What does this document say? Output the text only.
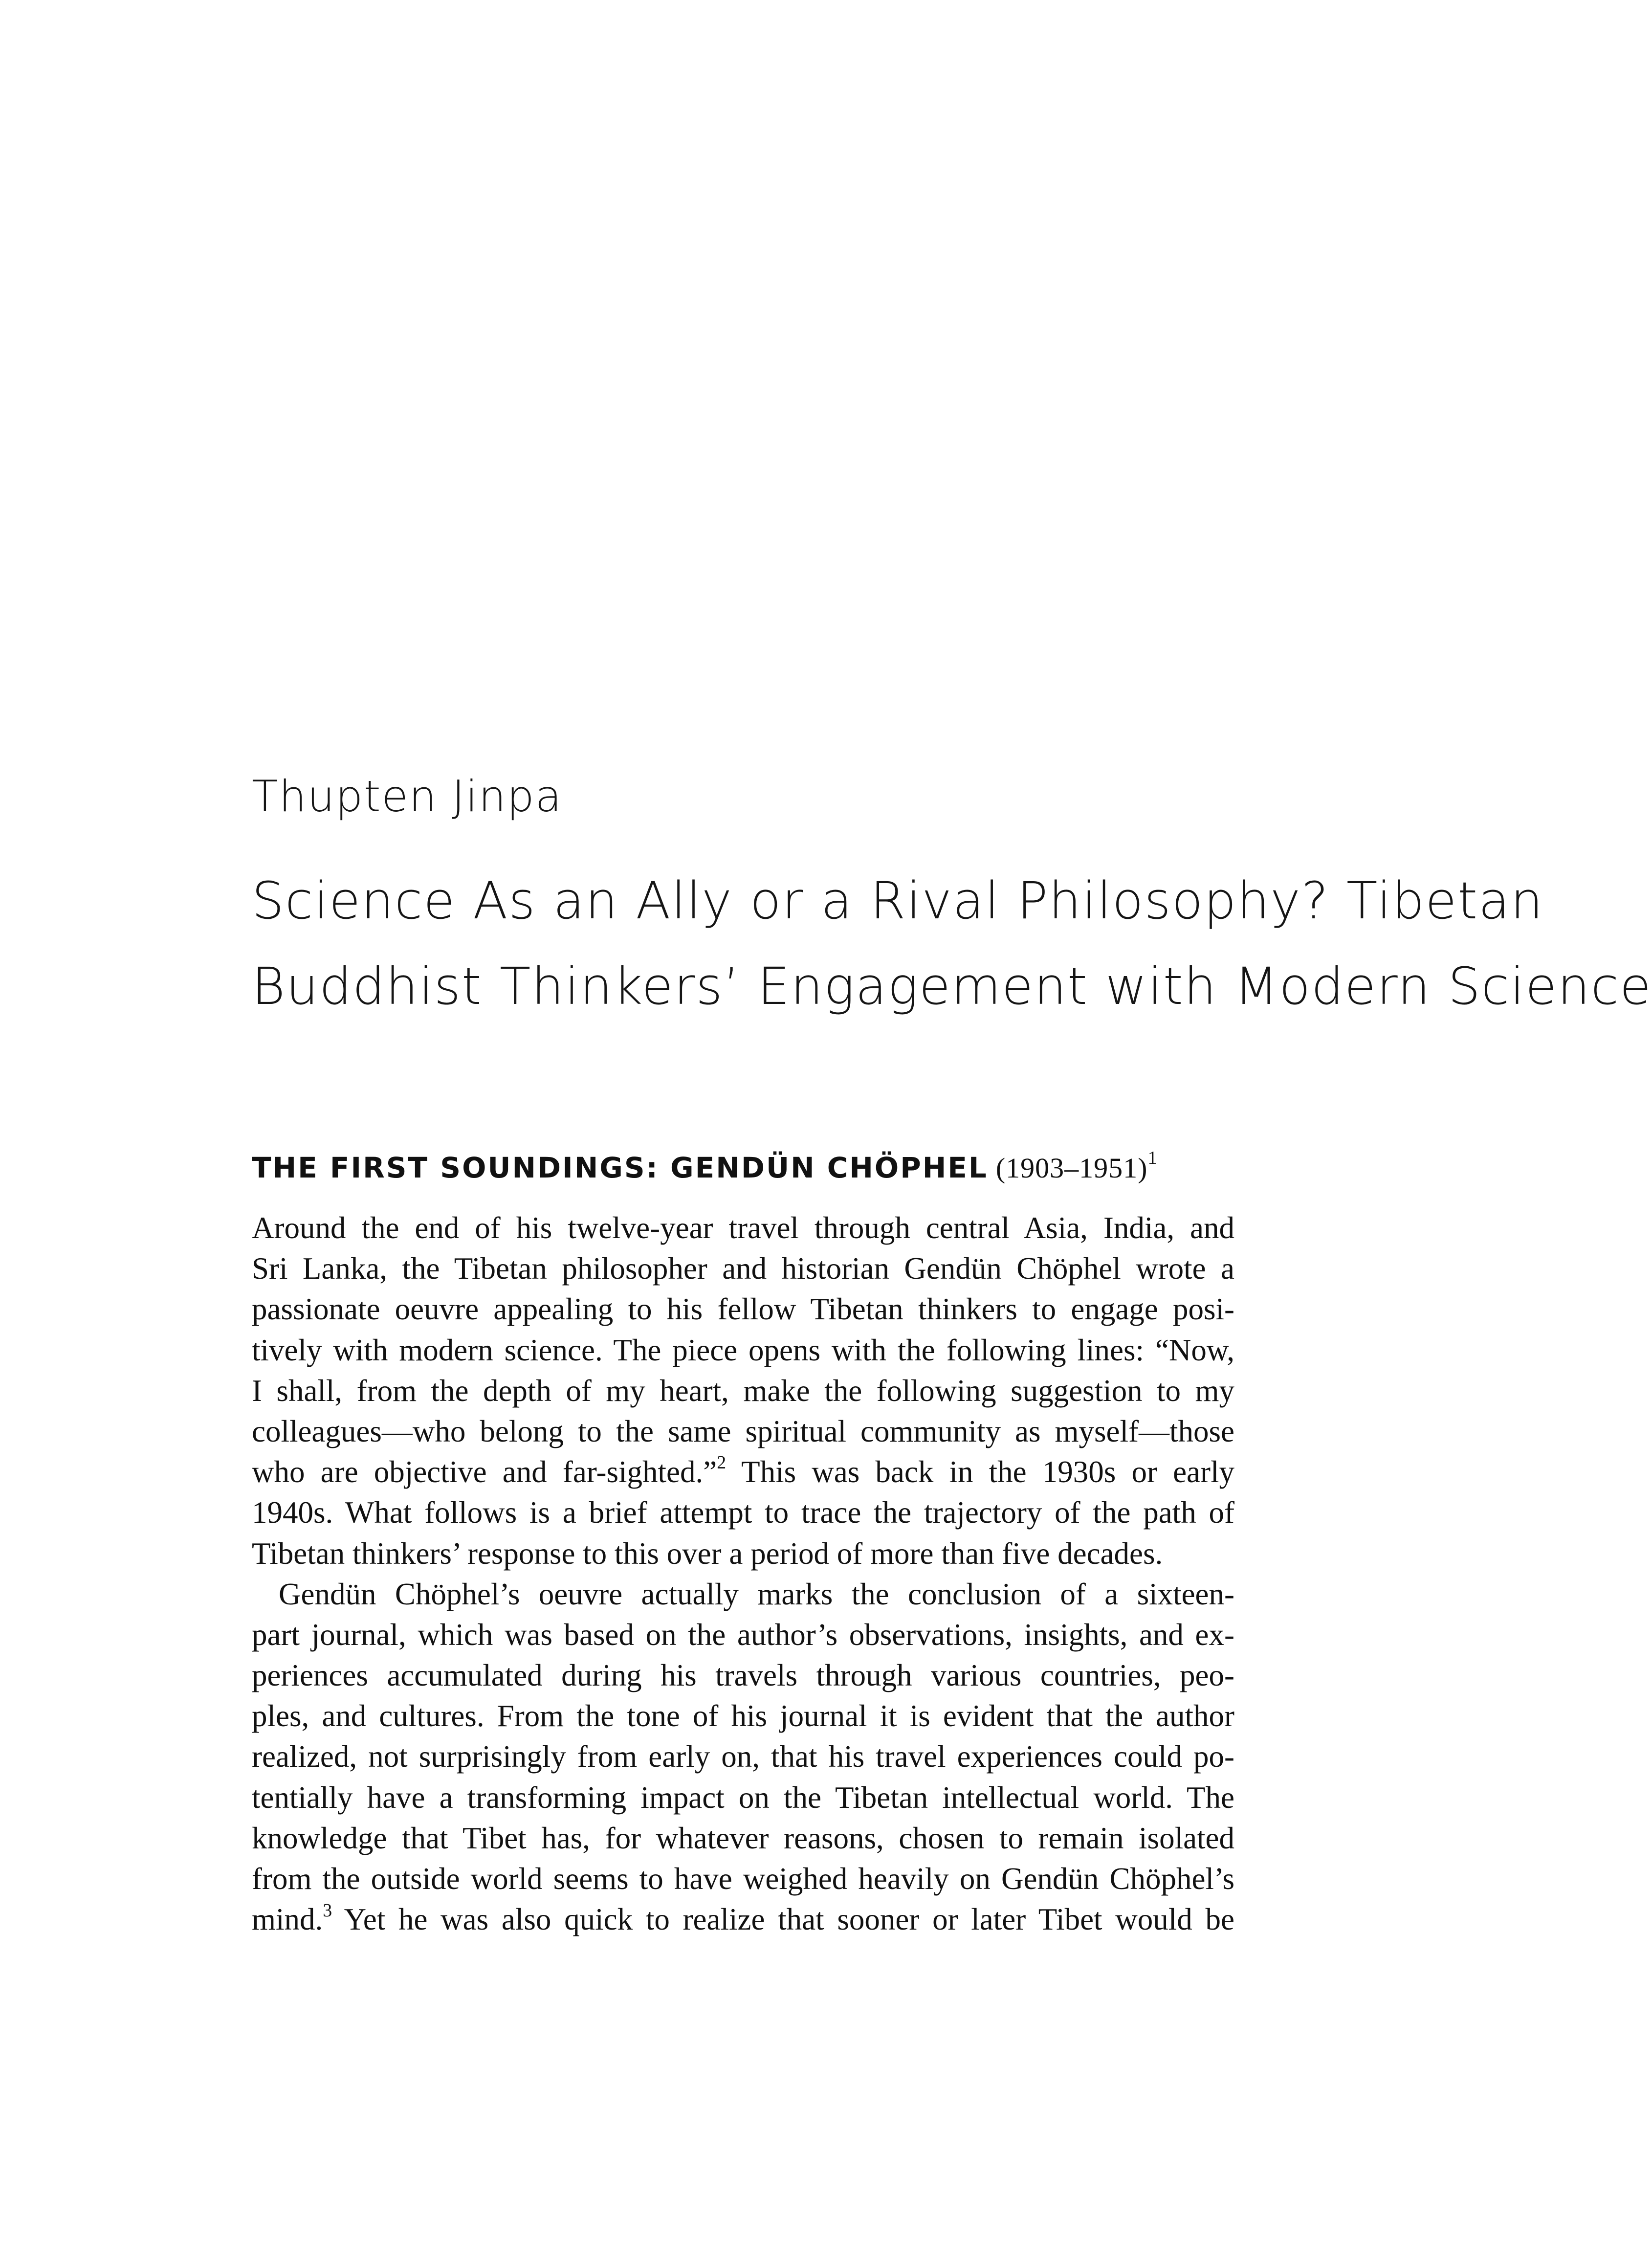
Thupten Jinpa
Science As an Ally or a Rival Philosophy? Tibetan
Buddhist Thinkers’ Engagement with Modern Science
THE FIRST SOUNDINGS: GENDÜN CHÖPHEL (1903–1951)$^1$
Around the end of his twelve-year travel through central Asia, India, and
Sri Lanka, the Tibetan philosopher and historian Gendün Chöphel wrote a
passionate oeuvre appealing to his fellow Tibetan thinkers to engage posi-
tively with modern science. The piece opens with the following lines: “Now,
I shall, from the depth of my heart, make the following suggestion to my
colleagues—who belong to the same spiritual community as myself—those
who are objective and far-sighted.”$^2$ This was back in the 1930s or early
1940s. What follows is a brief attempt to trace the trajectory of the path of
Tibetan thinkers’ response to this over a period of more than five decades.
Gendün Chöphel’s oeuvre actually marks the conclusion of a sixteen-
part journal, which was based on the author’s observations, insights, and ex-
periences accumulated during his travels through various countries, peo-
ples, and cultures. From the tone of his journal it is evident that the author
realized, not surprisingly from early on, that his travel experiences could po-
tentially have a transforming impact on the Tibetan intellectual world. The
knowledge that Tibet has, for whatever reasons, chosen to remain isolated
from the outside world seems to have weighed heavily on Gendün Chöphel’s
mind.$^3$ Yet he was also quick to realize that sooner or later Tibet would be
